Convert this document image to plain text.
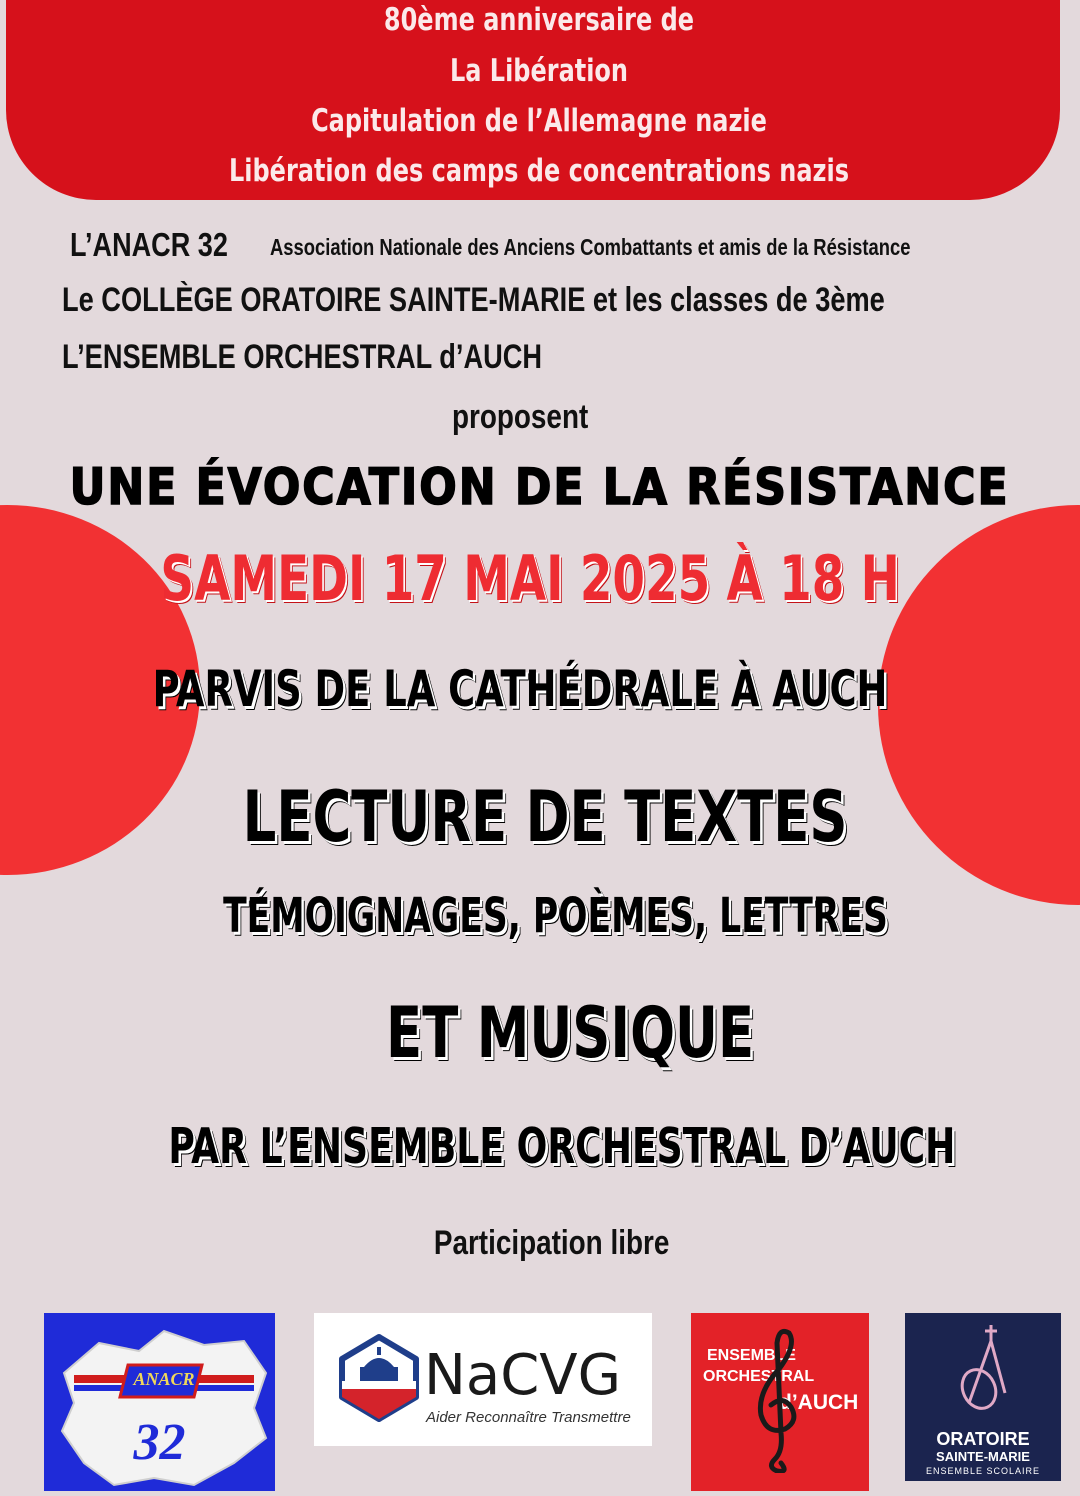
80ème anniversaire de
La Libération
Capitulation de l’Allemagne nazie
Libération des camps de concentrations nazis
L’ANACR 32	Association Nationale des Anciens Combattants et amis de la Résistance
Le COLLÈGE ORATOIRE SAINTE-MARIE et les classes de 3ème
L’ENSEMBLE ORCHESTRAL d’AUCH
proposent
UNE ÉVOCATION DE LA RÉSISTANCE
SAMEDI 17 MAI 2025 À 18 H
PARVIS DE LA CATHÉDRALE À AUCH
LECTURE DE TEXTES
TÉMOIGNAGES, POÈMES, LETTRES
ET MUSIQUE
PAR L’ENSEMBLE ORCHESTRAL D’AUCH
Participation libre
ANACR
32
NaCVG
Aider Reconnaître Transmettre
ENSEMBLE
ORCHESTRAL
d’AUCH
ORATOIRE
SAINTE-MARIE
ENSEMBLE SCOLAIRE
